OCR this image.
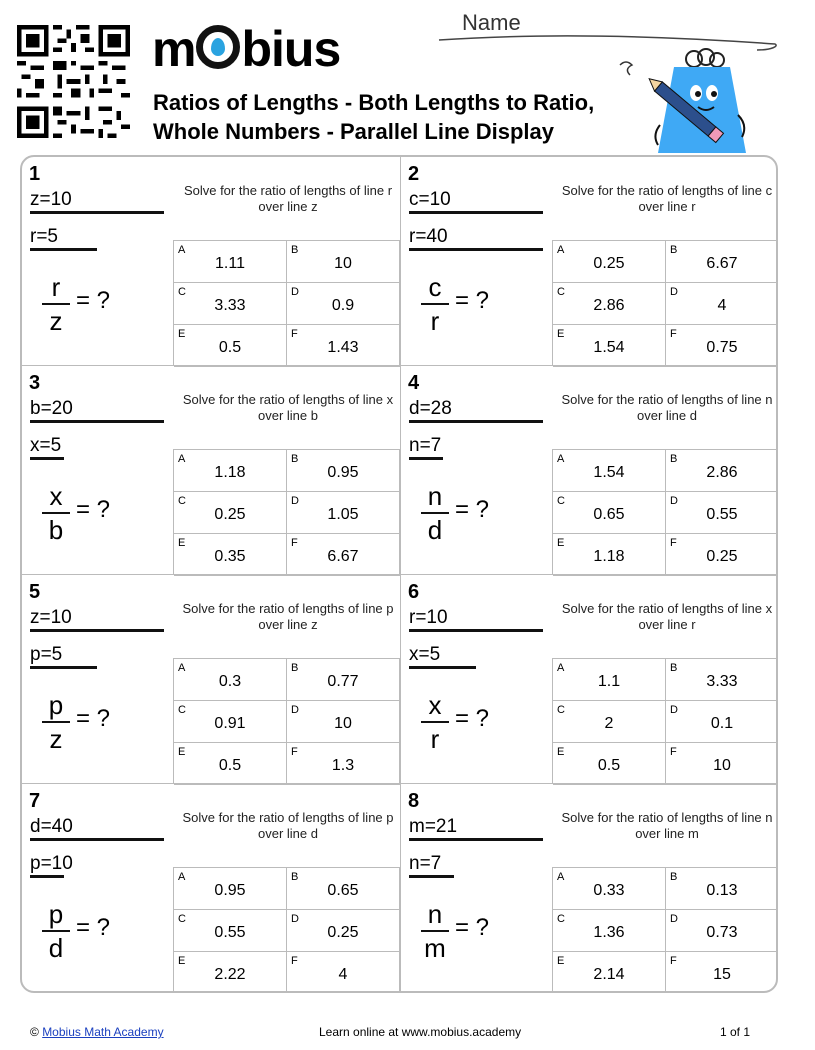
m bius
Ratios of Lengths - Both Lengths to Ratio, Whole Numbers - Parallel Line Display
Name
1
z=10
r=5
r
z
= ?
Solve for the ratio of lengths of line r over line z
A
1.11
B
10
C
3.33
D
0.9
E
0.5
F
1.43
2
c=10
r=40
c
r
= ?
Solve for the ratio of lengths of line c over line r
A
0.25
B
6.67
C
2.86
D
4
E
1.54
F
0.75
3
b=20
x=5
x
b
= ?
Solve for the ratio of lengths of line x over line b
A
1.18
B
0.95
C
0.25
D
1.05
E
0.35
F
6.67
4
d=28
n=7
n
d
= ?
Solve for the ratio of lengths of line n over line d
A
1.54
B
2.86
C
0.65
D
0.55
E
1.18
F
0.25
5
z=10
p=5
p
z
= ?
Solve for the ratio of lengths of line p over line z
A
0.3
B
0.77
C
0.91
D
10
E
0.5
F
1.3
6
r=10
x=5
x
r
= ?
Solve for the ratio of lengths of line x over line r
A
1.1
B
3.33
C
2
D
0.1
E
0.5
F
10
7
d=40
p=10
p
d
= ?
Solve for the ratio of lengths of line p over line d
A
0.95
B
0.65
C
0.55
D
0.25
E
2.22
F
4
8
m=21
n=7
n
m
= ?
Solve for the ratio of lengths of line n over line m
A
0.33
B
0.13
C
1.36
D
0.73
E
2.14
F
15
© Mobius Math Academy	Learn online at www.mobius.academy	1 of 1
